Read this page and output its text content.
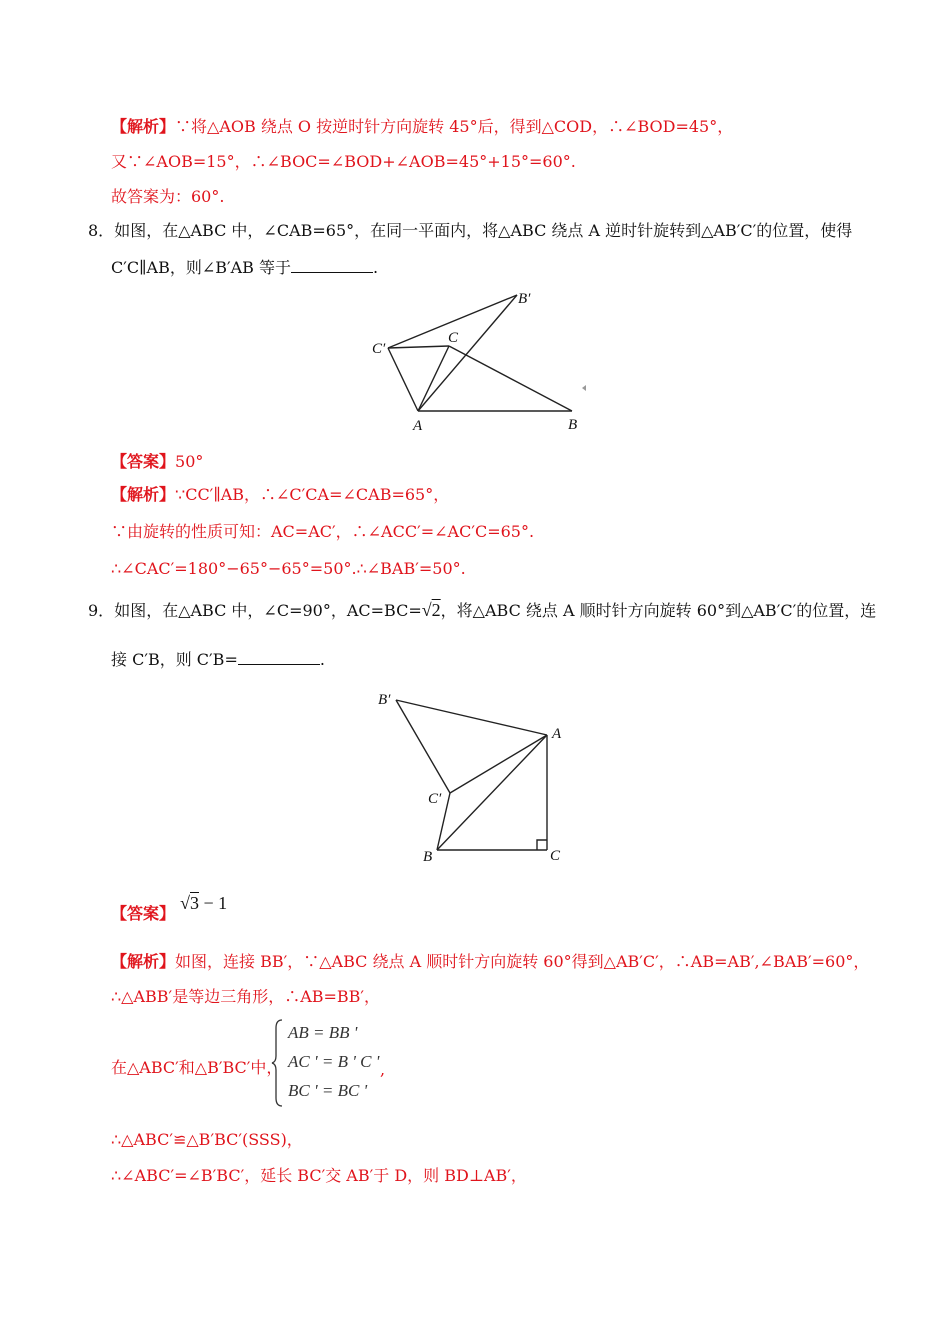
【解析】∵将△AOB 绕点 O 按逆时针方向旋转 45°后，得到△COD，∴∠BOD=45°，
又∵∠AOB=15°，∴∠BOC=∠BOD+∠AOB=45°+15°=60°.
故答案为：60°.
8．如图，在△ABC 中，∠CAB=65°，在同一平面内，将△ABC 绕点 A 逆时针旋转到△AB′C′的位置，使得
C′C∥AB，则∠B′AB 等于	.
B′
C′
C
A	B
【答案】50°
【解析】∵CC′∥AB，∴∠C′CA=∠CAB=65°，
∵由旋转的性质可知：AC=AC′，∴∠ACC′=∠AC′C=65°.
∴∠CAC′=180°−65°−65°=50°.∴∠BAB′=50°.
9．如图，在△ABC 中，∠C=90°，AC=BC=√2，将△ABC 绕点 A 顺时针方向旋转 60°到△AB′C′的位置，连
接 C′B，则 C′B=	.
B′
A
C′
B	C
【答案】 √3 − 1
【解析】如图，连接 BB′，∵△ABC 绕点 A 顺时针方向旋转 60°得到△AB′C′，∴AB=AB′,∠BAB′=60°，
∴△ABB′是等边三角形，∴AB=BB′，
在△ABC′和△B′BC′中，
AB = BB '
AC ' = B ' C '
BC ' = BC '
,
∴△ABC′≌△B′BC′(SSS)，
∴∠ABC′=∠B′BC′，延长 BC′交 AB′于 D，则 BD⊥AB′，
